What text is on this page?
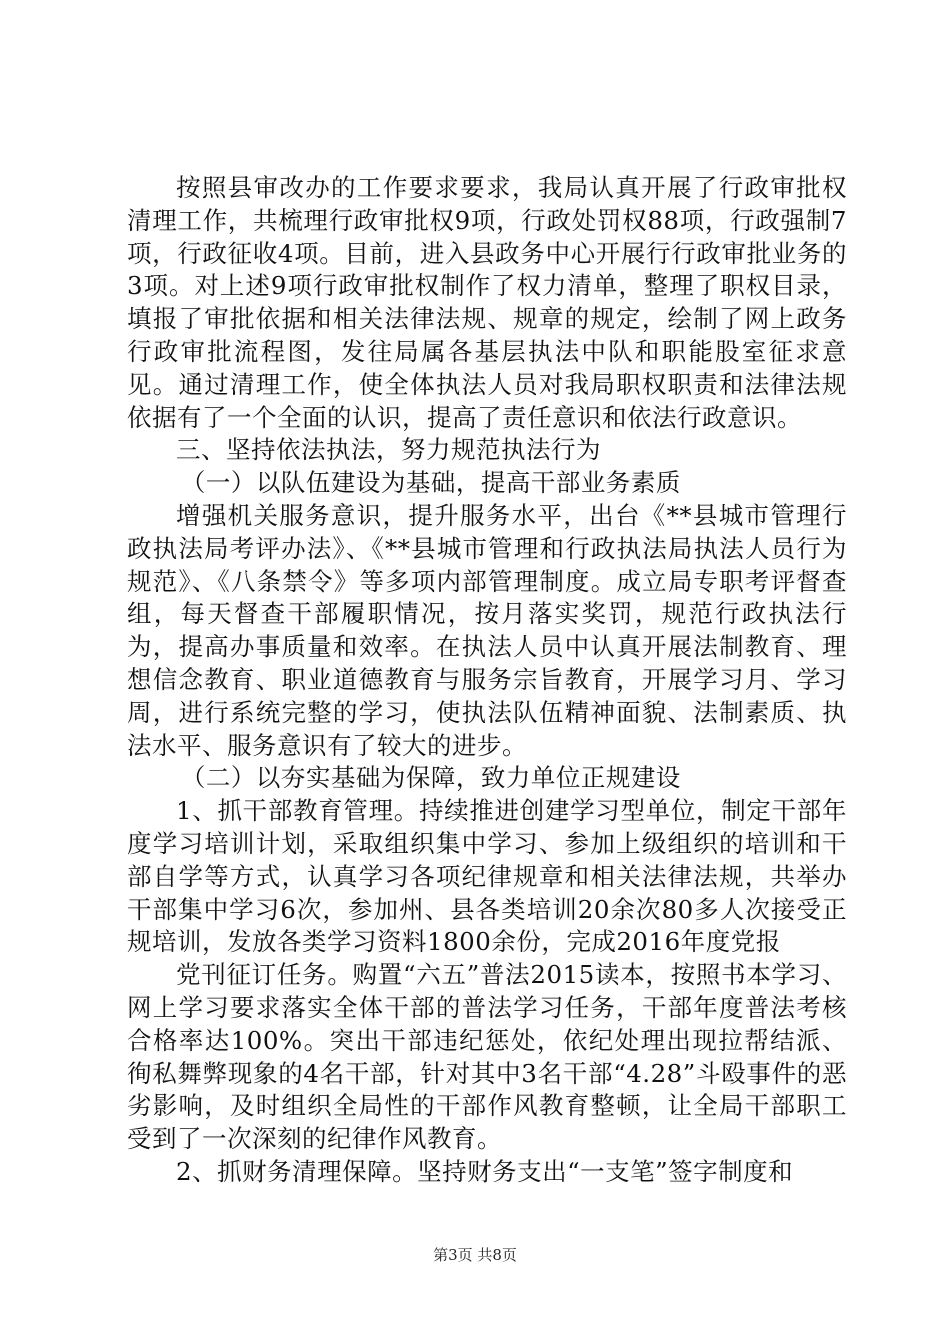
按照县审改办的工作要求要求，我局认真开展了行政审批权清理工作，共梳理行政审批权9项，行政处罚权88项，行政强制7项，行政征收4项。目前，进入县政务中心开展行行政审批业务的3项。对上述9项行政审批权制作了权力清单，整理了职权目录，填报了审批依据和相关法律法规、规章的规定，绘制了网上政务行政审批流程图，发往局属各基层执法中队和职能股室征求意见。通过清理工作，使全体执法人员对我局职权职责和法律法规依据有了一个全面的认识，提高了责任意识和依法行政意识。

三、坚持依法执法，努力规范执法行为

（一）以队伍建设为基础，提高干部业务素质

增强机关服务意识，提升服务水平，出台《**县城市管理行政执法局考评办法》、《**县城市管理和行政执法局执法人员行为规范》、《八条禁令》等多项内部管理制度。成立局专职考评督查组，每天督查干部履职情况，按月落实奖罚，规范行政执法行为，提高办事质量和效率。在执法人员中认真开展法制教育、理想信念教育、职业道德教育与服务宗旨教育，开展学习月、学习周，进行系统完整的学习，使执法队伍精神面貌、法制素质、执法水平、服务意识有了较大的进步。

（二）以夯实基础为保障，致力单位正规建设

1、抓干部教育管理。持续推进创建学习型单位，制定干部年度学习培训计划，采取组织集中学习、参加上级组织的培训和干部自学等方式，认真学习各项纪律规章和相关法律法规，共举办干部集中学习6次，参加州、县各类培训20余次80多人次接受正规培训，发放各类学习资料1800余份，完成2016年度党报

党刊征订任务。购置“六五”普法2015读本，按照书本学习、网上学习要求落实全体干部的普法学习任务，干部年度普法考核合格率达100%。突出干部违纪惩处，依纪处理出现拉帮结派、徇私舞弊现象的4名干部，针对其中3名干部“4.28”斗殴事件的恶劣影响，及时组织全局性的干部作风教育整顿，让全局干部职工受到了一次深刻的纪律作风教育。

2、抓财务清理保障。坚持财务支出“一支笔”签字制度和

第3页 共8页
